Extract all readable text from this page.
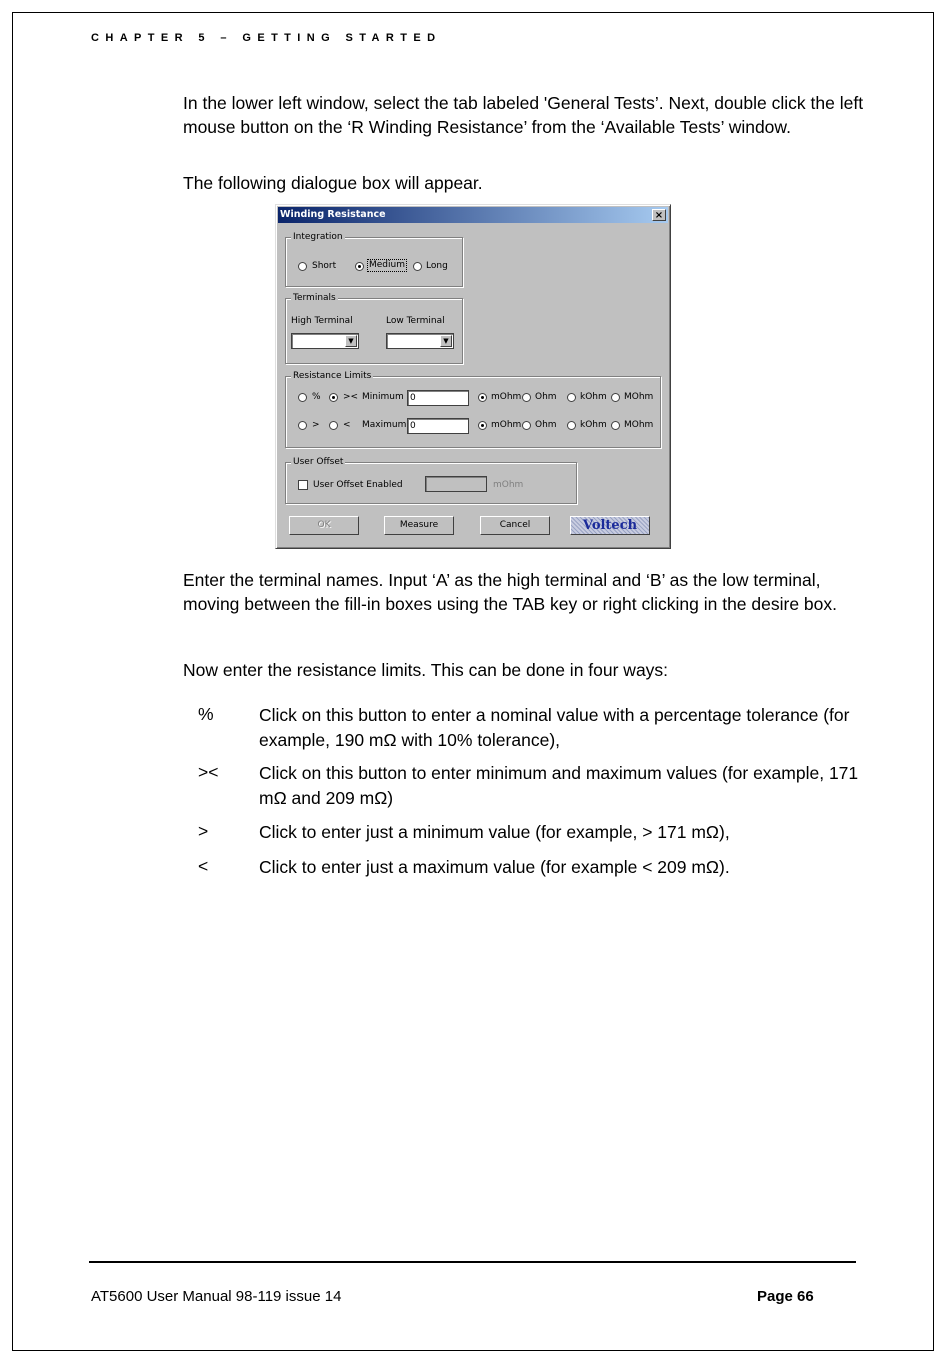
CHAPTER 5 – GETTING STARTED
In the lower left window, select the tab labeled 'General Tests’. Next, double click the left mouse button on the ‘R Winding Resistance’ from the ‘Available Tests’ window.
The following dialogue box will appear.
Winding Resistance	×
Integration
Short	Medium Long
Terminals
High Terminal
▼
Low Terminal
▼
Resistance Limits
% >< Minimum 0	mOhm Ohm	kOhm MOhm
>	< Maximum 0	mOhm Ohm	kOhm MOhm
User Offset
User Offset Enabled	mOhm
OK	Measure	Cancel	Voltech
Enter the terminal names. Input ‘A’ as the high terminal and ‘B’ as the low terminal, moving between the fill-in boxes using the TAB key or right clicking in the desire box.
Now enter the resistance limits. This can be done in four ways:
%	Click on this button to enter a nominal value with a percentage tolerance (for example, 190 mΩ with 10% tolerance),
>< Click on this button to enter minimum and maximum values (for example, 171 mΩ and 209 mΩ)
>	Click to enter just a minimum value (for example, > 171 mΩ),
<	Click to enter just a maximum value (for example < 209 mΩ).
AT5600 User Manual 98-119 issue 14	Page 66
